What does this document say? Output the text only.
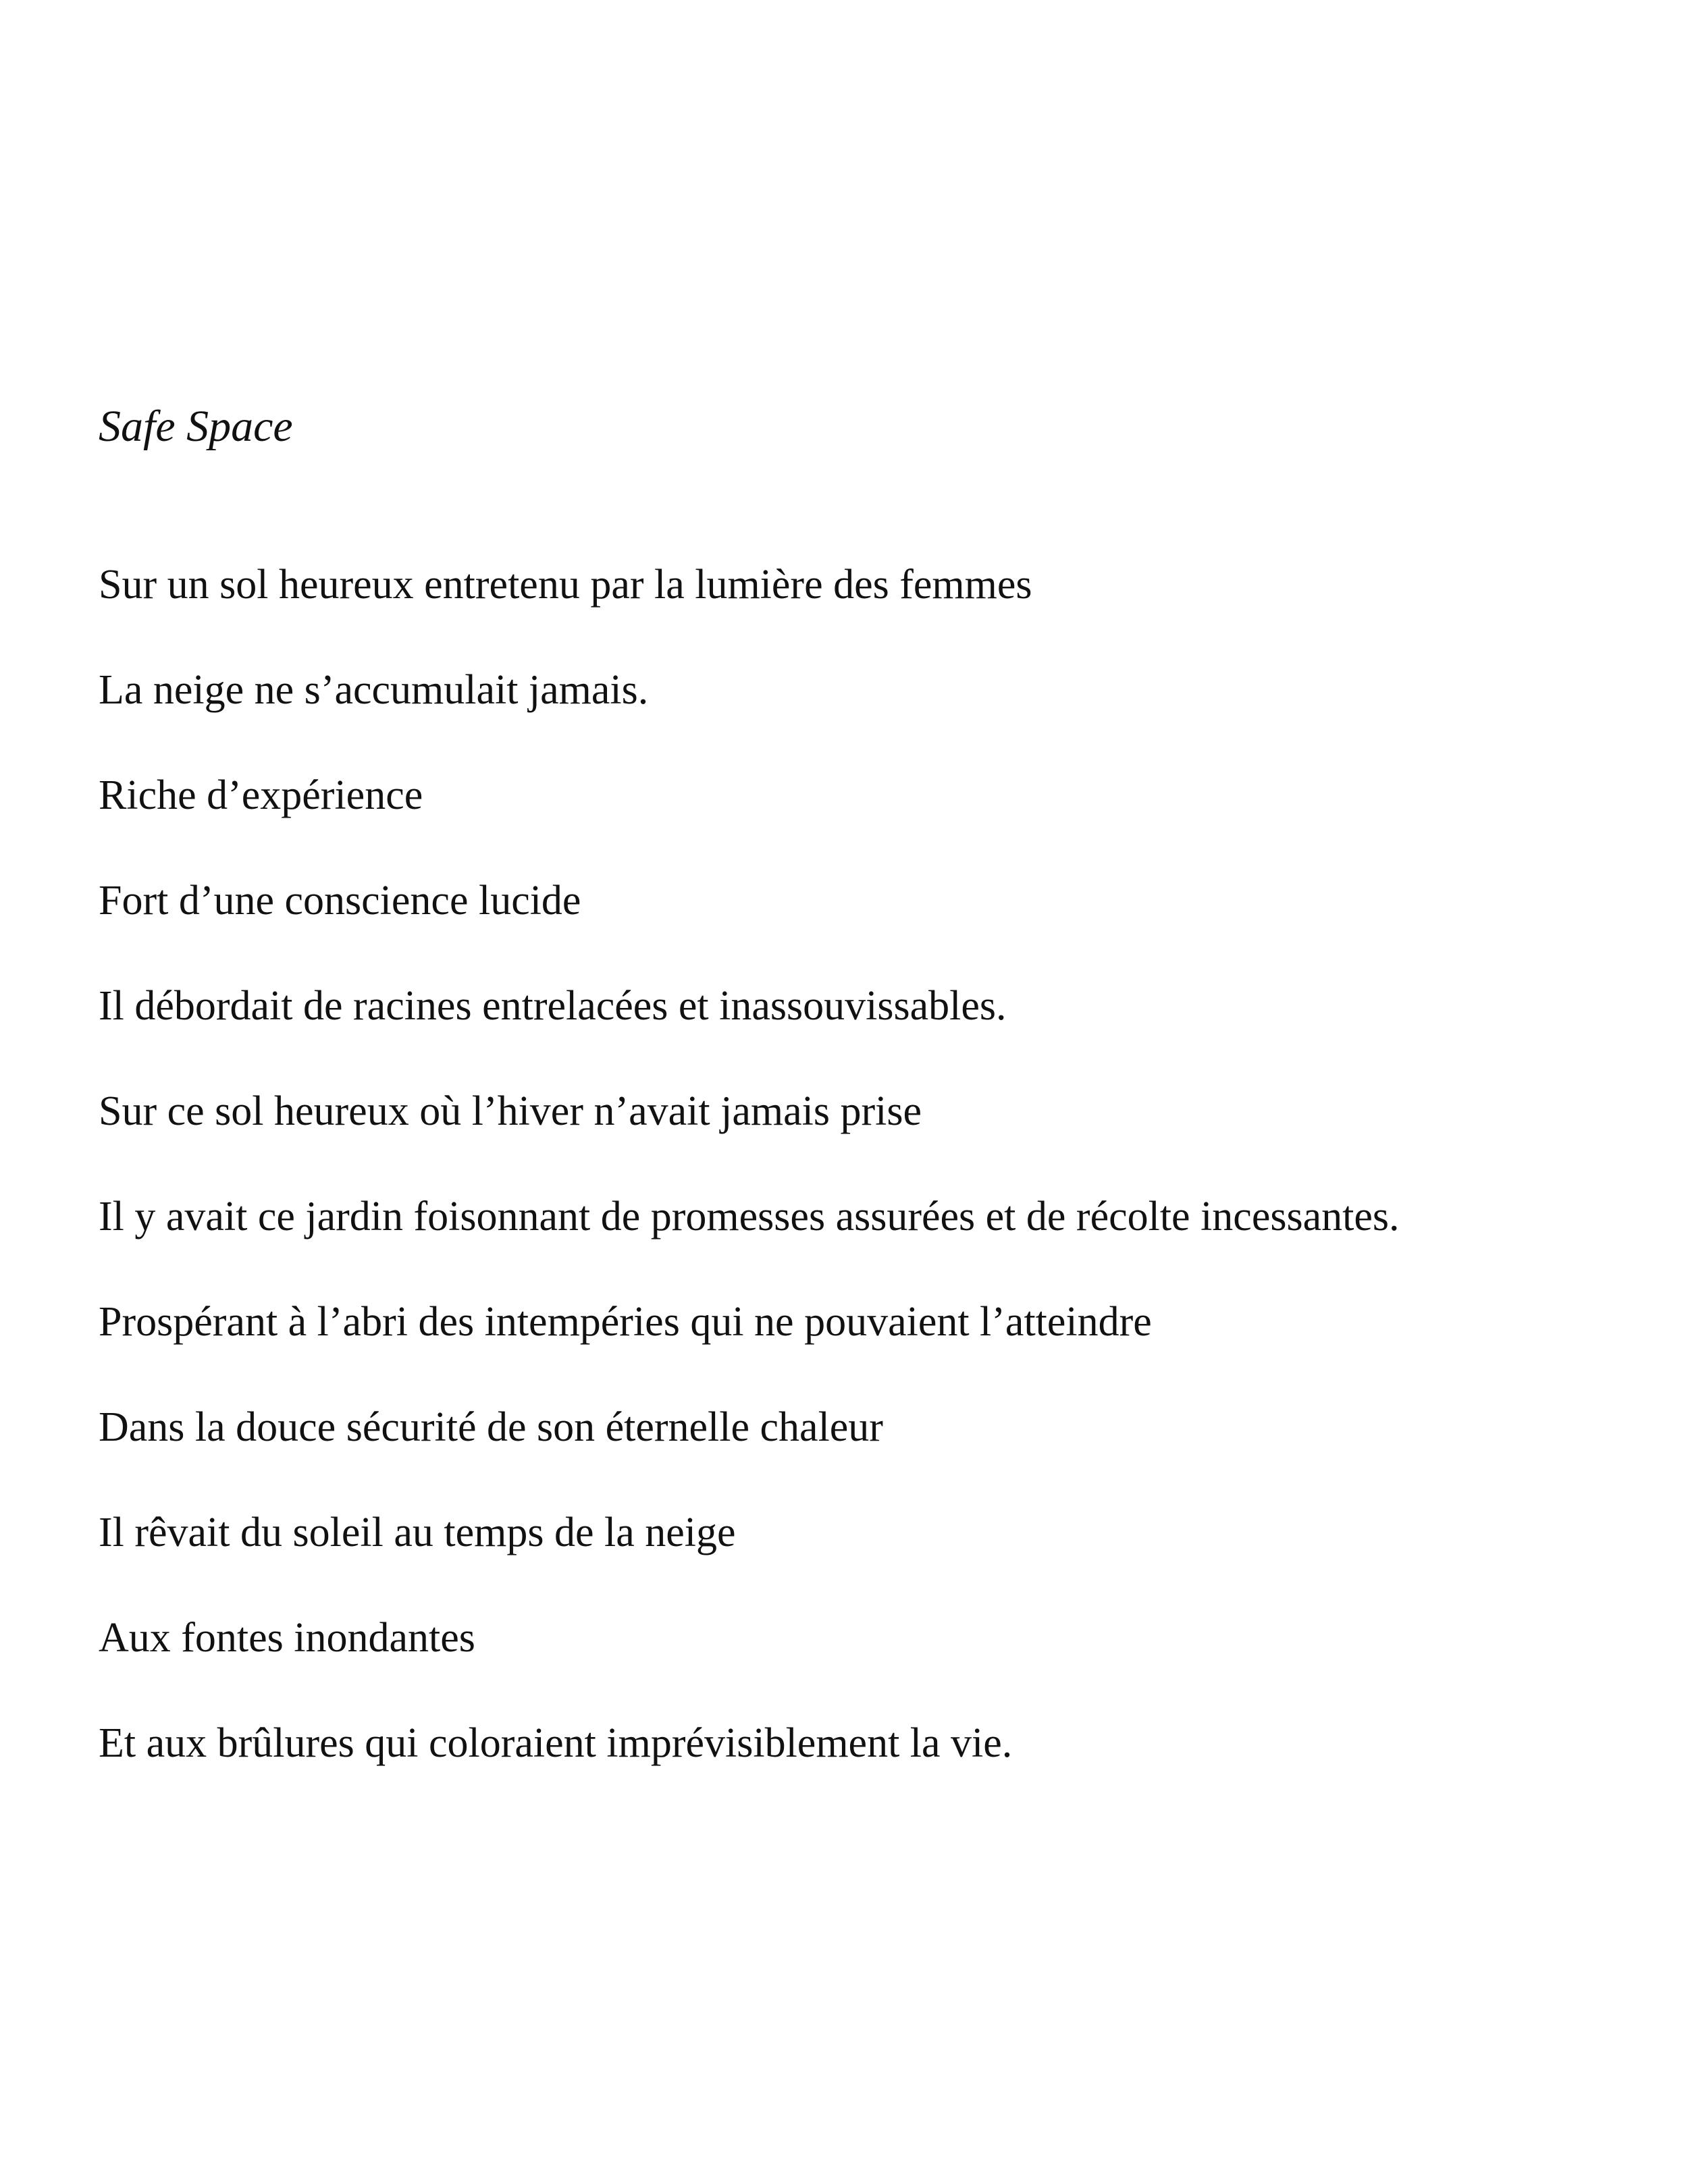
Safe Space
Sur un sol heureux entretenu par la lumière des femmes
La neige ne s’accumulait jamais.
Riche d’expérience
Fort d’une conscience lucide
Il débordait de racines entrelacées et inassouvissables.
Sur ce sol heureux où l’hiver n’avait jamais prise
Il y avait ce jardin foisonnant de promesses assurées et de récolte incessantes.
Prospérant à l’abri des intempéries qui ne pouvaient l’atteindre
Dans la douce sécurité de son éternelle chaleur
Il rêvait du soleil au temps de la neige
Aux fontes inondantes
Et aux brûlures qui coloraient imprévisiblement la vie.
